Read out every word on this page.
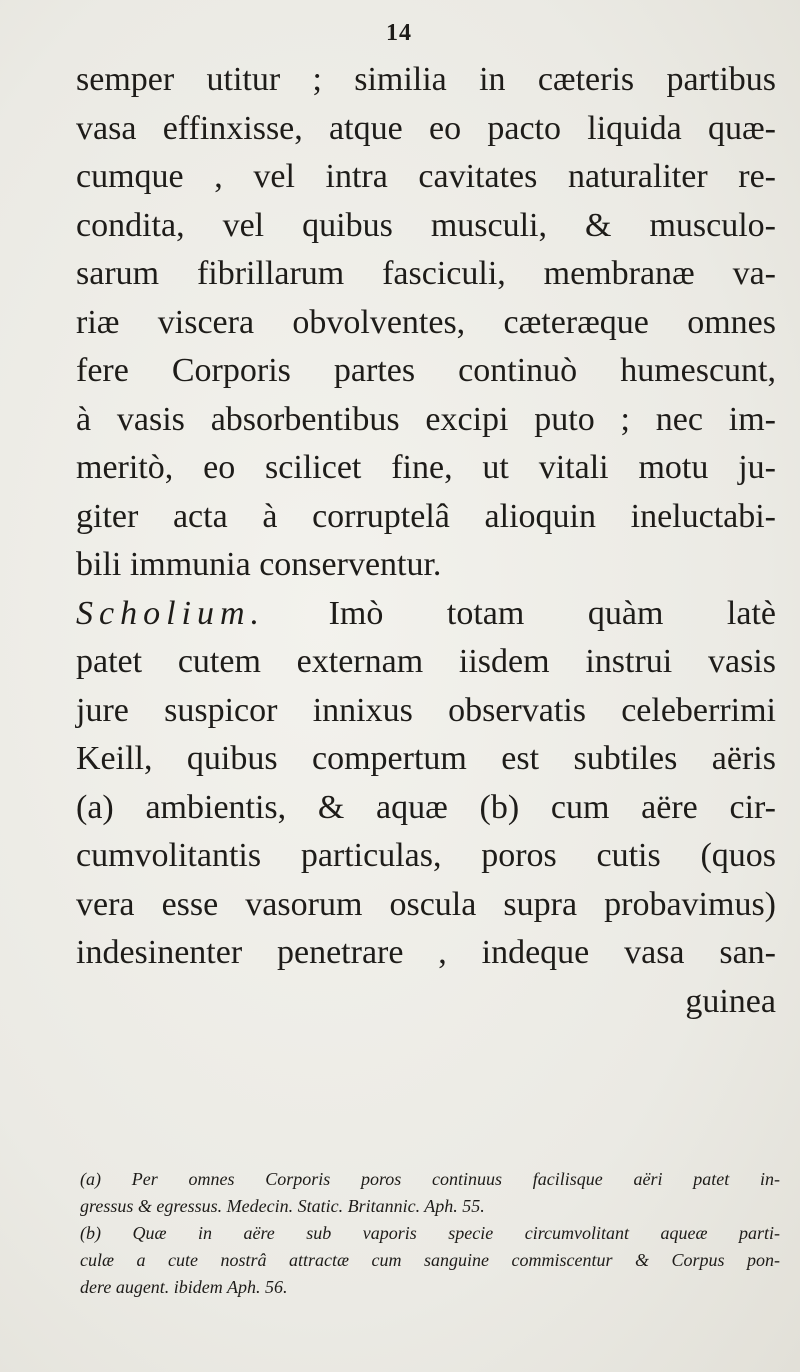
14
semper utitur ; similia in cæteris partibus
vasa effinxisse, atque eo pacto liquida quæ-
cumque , vel intra cavitates naturaliter re-
condita, vel quibus musculi, & musculo-
sarum fibrillarum fasciculi, membranæ va-
riæ viscera obvolventes, cæteræque omnes
fere Corporis partes continuò humescunt,
à vasis absorbentibus excipi puto ; nec im-
meritò, eo scilicet fine, ut vitali motu ju-
giter acta à corruptelâ alioquin ineluctabi-
bili immunia conserventur.
Scholium. Imò totam quàm latè
patet cutem externam iisdem instrui vasis
jure suspicor innixus observatis celeberrimi
Keill, quibus compertum est subtiles aëris
(a) ambientis, & aquæ (b) cum aëre cir-
cumvolitantis particulas, poros cutis (quos
vera esse vasorum oscula supra probavimus)
indesinenter penetrare , indeque vasa san-
guinea
(a) Per omnes Corporis poros continuus facilisque aëri patet in-
gressus & egressus. Medecin. Static. Britannic. Aph. 55.
(b) Quæ in aëre sub vaporis specie circumvolitant aqueæ parti-
culæ a cute nostrâ attractæ cum sanguine commiscentur & Corpus pon-
dere augent. ibidem Aph. 56.
